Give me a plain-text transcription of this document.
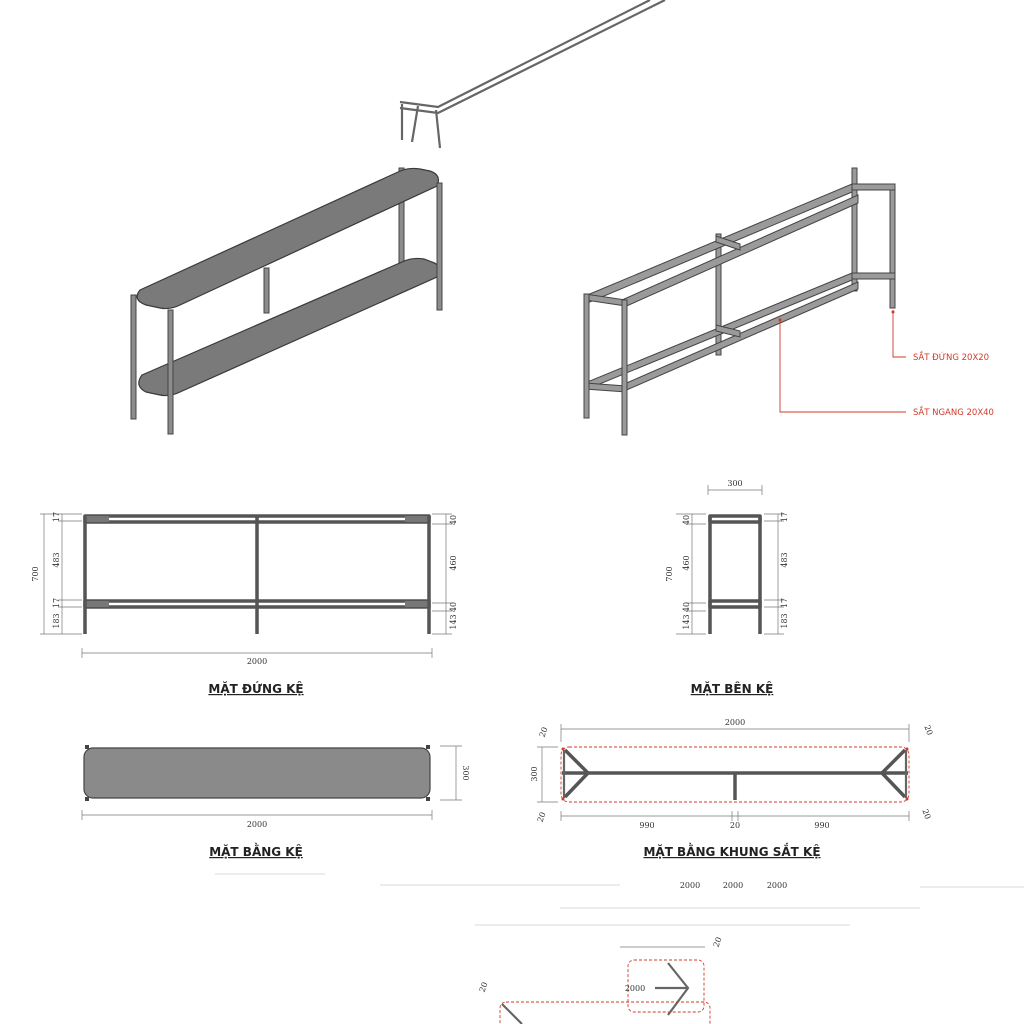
SẮT ĐỨNG 20X20
SẮT NGANG 20X40
700
17
483
17
183
40
460
40
143
2000
MẶT ĐỨNG KỆ
300
700
40
460
40
143
17
483
17
183
MẶT BÊN KỆ
300
2000
MẶT BẰNG KỆ
2000
20	20
20	20
300
990	20	990
MẶT BẰNG KHUNG SẮT KỆ
2000	2000	2000
20
2000
20
